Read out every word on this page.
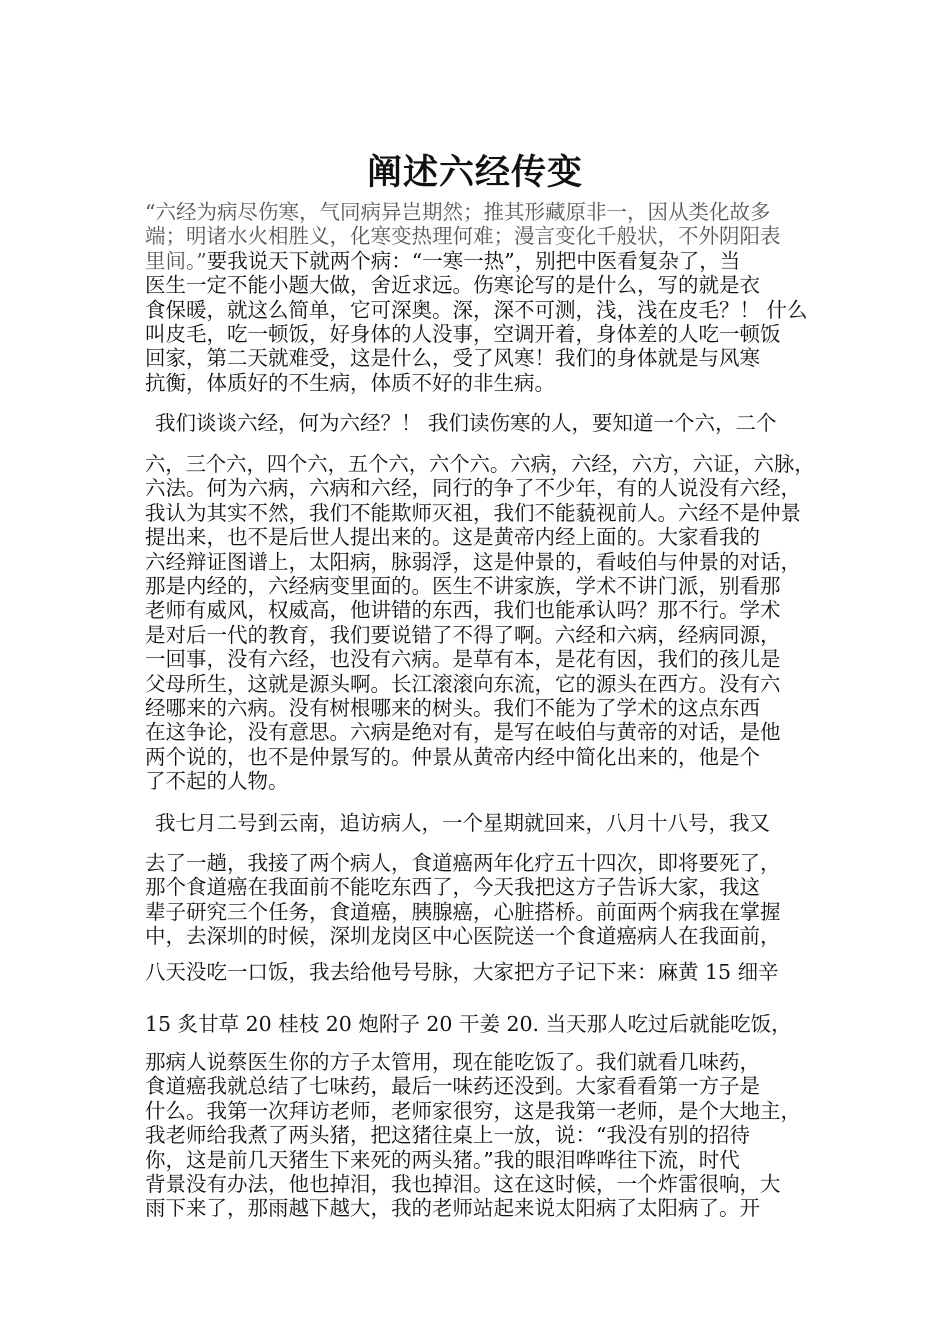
阐述六经传变
“六经为病尽伤寒，气同病异岂期然；推其形藏原非一，因从类化故多
端；明诸水火相胜义，化寒变热理何难；漫言变化千般状，不外阴阳表
里间。”要我说天下就两个病：“一寒一热”，别把中医看复杂了，当
医生一定不能小题大做，舍近求远。伤寒论写的是什么，写的就是衣
食保暖，就这么简单，它可深奥。深，深不可测，浅，浅在皮毛？！ 什么
叫皮毛，吃一顿饭，好身体的人没事，空调开着，身体差的人吃一顿饭
回家，第二天就难受，这是什么，受了风寒！我们的身体就是与风寒
抗衡，体质好的不生病，体质不好的非生病。
我们谈谈六经，何为六经？！ 我们读伤寒的人，要知道一个六，二个
六，三个六，四个六，五个六，六个六。六病，六经，六方，六证，六脉，
六法。何为六病，六病和六经，同行的争了不少年，有的人说没有六经，
我认为其实不然，我们不能欺师灭祖，我们不能藐视前人。六经不是仲景
提出来，也不是后世人提出来的。这是黄帝内经上面的。大家看我的
六经辩证图谱上，太阳病，脉弱浮，这是仲景的，看岐伯与仲景的对话，
那是内经的，六经病变里面的。医生不讲家族，学术不讲门派，别看那
老师有威风，权威高，他讲错的东西，我们也能承认吗？那不行。学术
是对后一代的教育，我们要说错了不得了啊。六经和六病，经病同源，
一回事，没有六经，也没有六病。是草有本，是花有因，我们的孩儿是
父母所生，这就是源头啊。长江滚滚向东流，它的源头在西方。没有六
经哪来的六病。没有树根哪来的树头。我们不能为了学术的这点东西
在这争论，没有意思。六病是绝对有，是写在岐伯与黄帝的对话，是他
两个说的，也不是仲景写的。仲景从黄帝内经中简化出来的，他是个
了不起的人物。
我七月二号到云南，追访病人，一个星期就回来，八月十八号，我又
去了一趟，我接了两个病人，食道癌两年化疗五十四次，即将要死了，
那个食道癌在我面前不能吃东西了，今天我把这方子告诉大家，我这
辈子研究三个任务，食道癌，胰腺癌，心脏搭桥。前面两个病我在掌握
中，去深圳的时候，深圳龙岗区中心医院送一个食道癌病人在我面前，
八天没吃一口饭，我去给他号号脉，大家把方子记下来：麻黄 15 细辛
15 炙甘草 20 桂枝 20 炮附子 20 干姜 20. 当天那人吃过后就能吃饭，
那病人说蔡医生你的方子太管用，现在能吃饭了。我们就看几味药，
食道癌我就总结了七味药，最后一味药还没到。大家看看第一方子是
什么。我第一次拜访老师，老师家很穷，这是我第一老师，是个大地主，
我老师给我煮了两头猪，把这猪往桌上一放，说：“我没有别的招待
你，这是前几天猪生下来死的两头猪。”我的眼泪哗哗往下流，时代
背景没有办法，他也掉泪，我也掉泪。这在这时候，一个炸雷很响，大
雨下来了，那雨越下越大，我的老师站起来说太阳病了太阳病了。开
